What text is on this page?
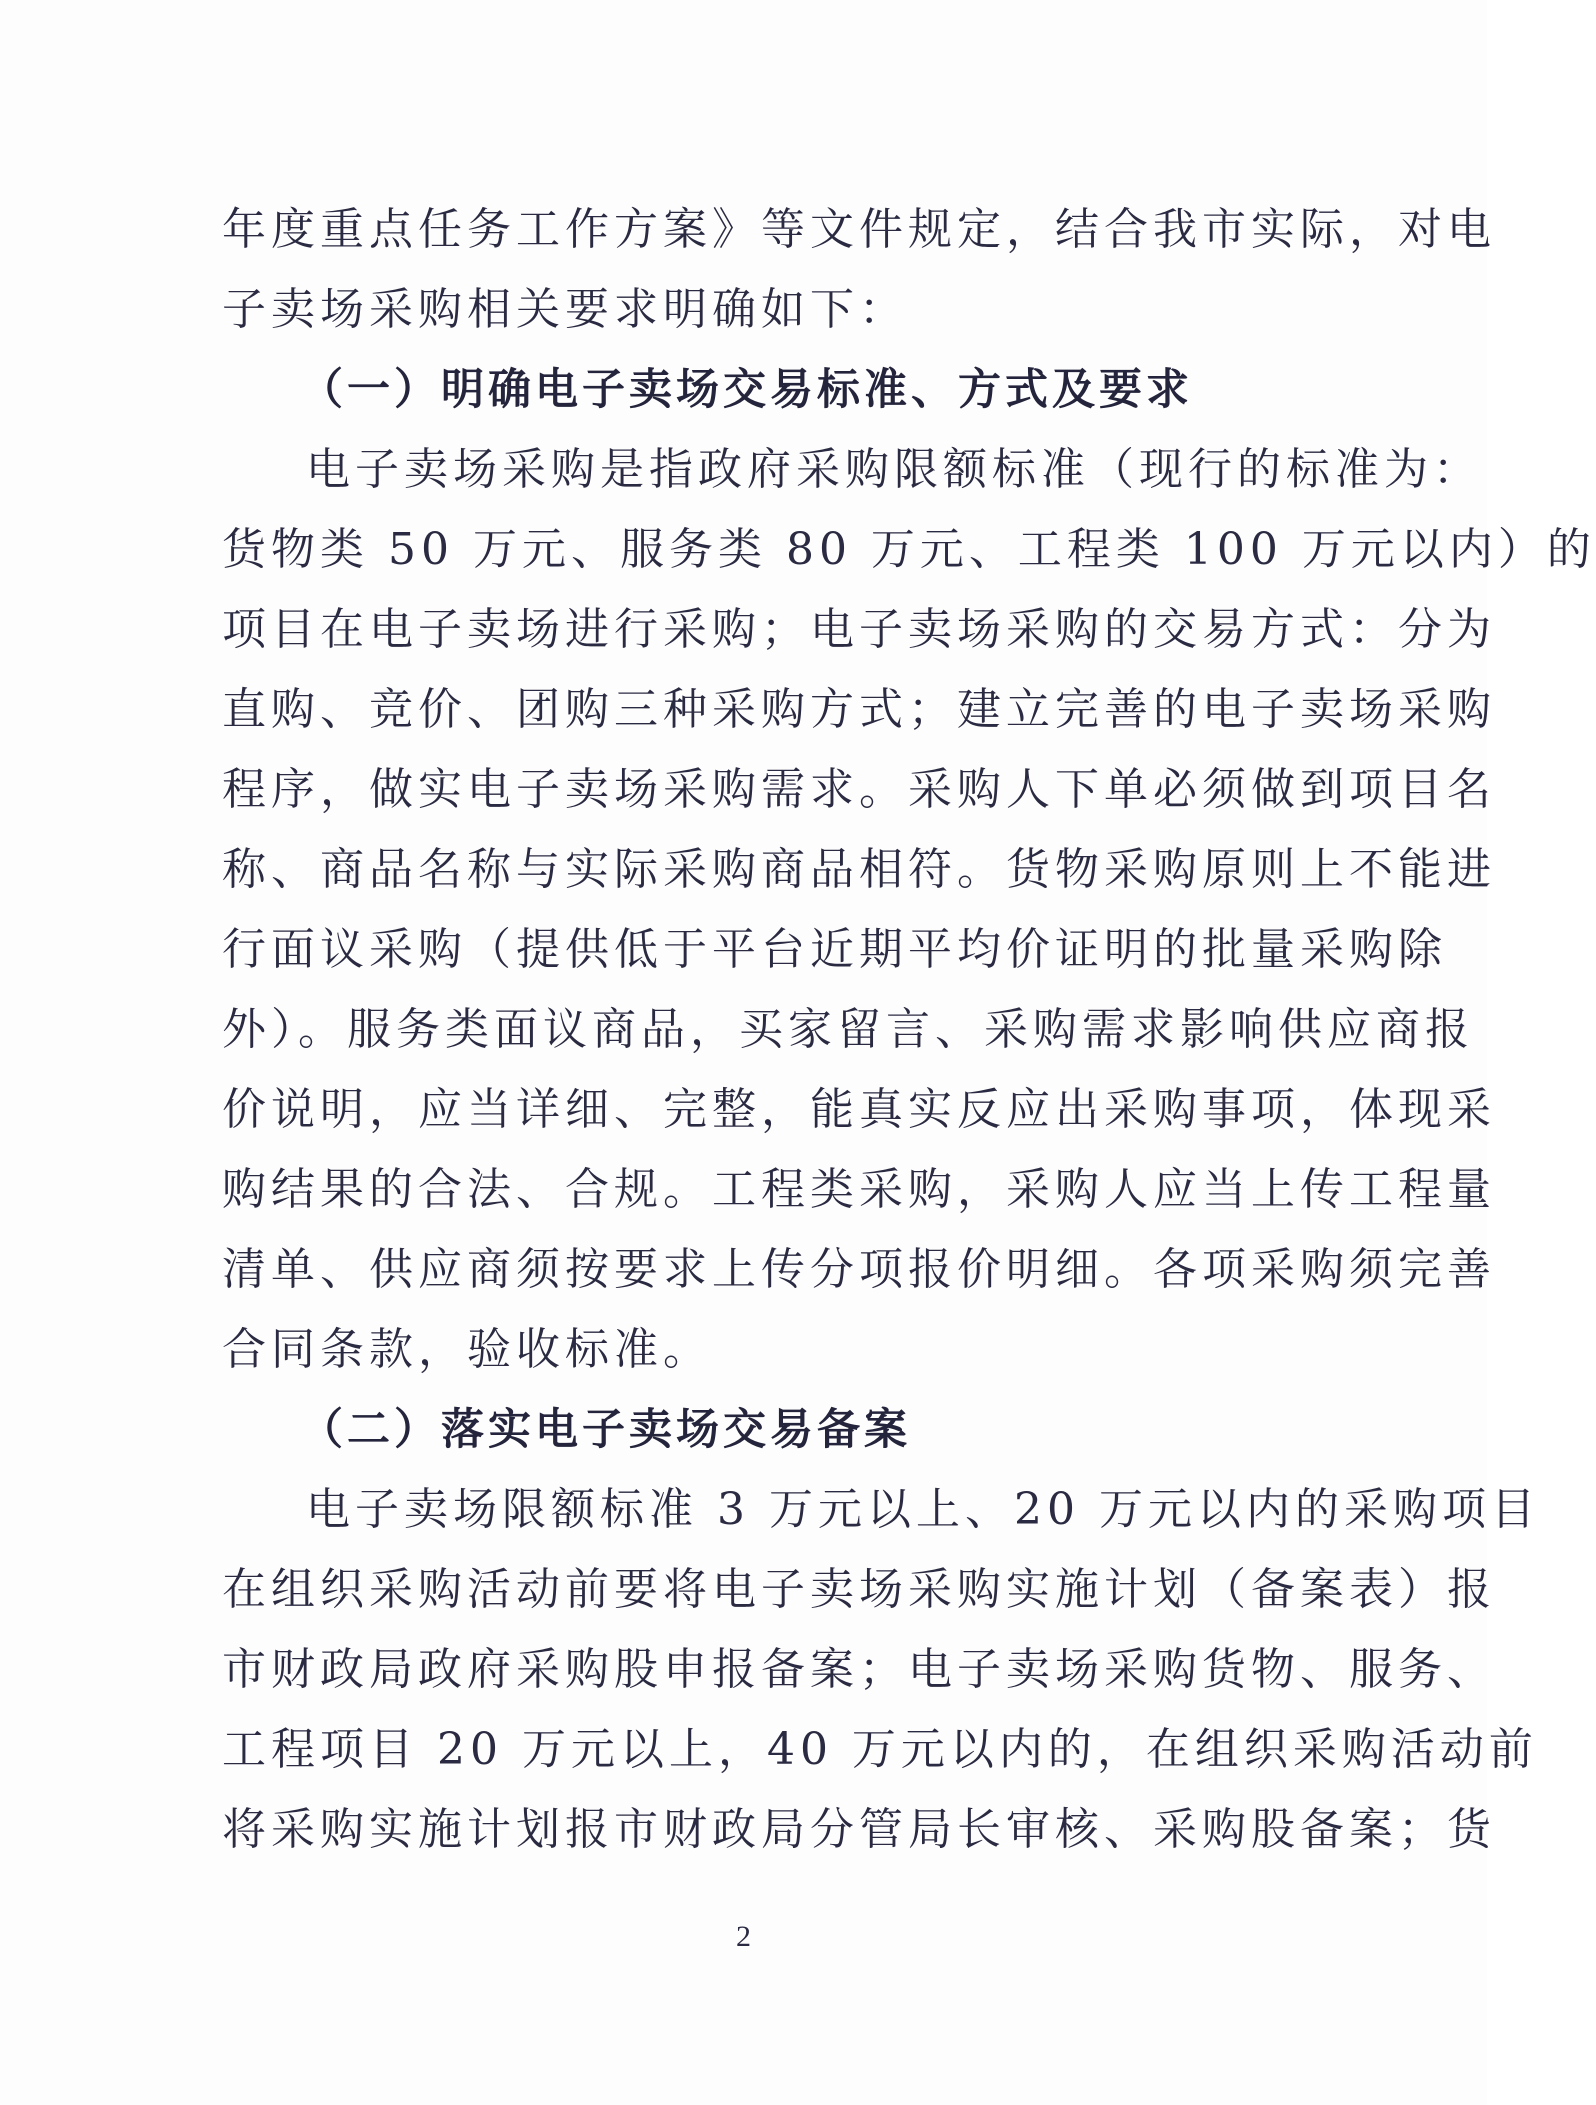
年度重点任务工作方案》等文件规定，结合我市实际，对电
子卖场采购相关要求明确如下：
（一）明确电子卖场交易标准、方式及要求
电子卖场采购是指政府采购限额标准（现行的标准为：
货物类 50 万元、服务类 80 万元、工程类 100 万元以内）的
项目在电子卖场进行采购；电子卖场采购的交易方式：分为
直购、竞价、团购三种采购方式；建立完善的电子卖场采购
程序，做实电子卖场采购需求。采购人下单必须做到项目名
称、商品名称与实际采购商品相符。货物采购原则上不能进
行面议采购（提供低于平台近期平均价证明的批量采购除
外）。服务类面议商品，买家留言、采购需求影响供应商报
价说明，应当详细、完整，能真实反应出采购事项，体现采
购结果的合法、合规。工程类采购，采购人应当上传工程量
清单、供应商须按要求上传分项报价明细。各项采购须完善
合同条款，验收标准。
（二）落实电子卖场交易备案
电子卖场限额标准 3 万元以上、20 万元以内的采购项目
在组织采购活动前要将电子卖场采购实施计划（备案表）报
市财政局政府采购股申报备案；电子卖场采购货物、服务、
工程项目 20 万元以上，40 万元以内的，在组织采购活动前
将采购实施计划报市财政局分管局长审核、采购股备案；货
2
